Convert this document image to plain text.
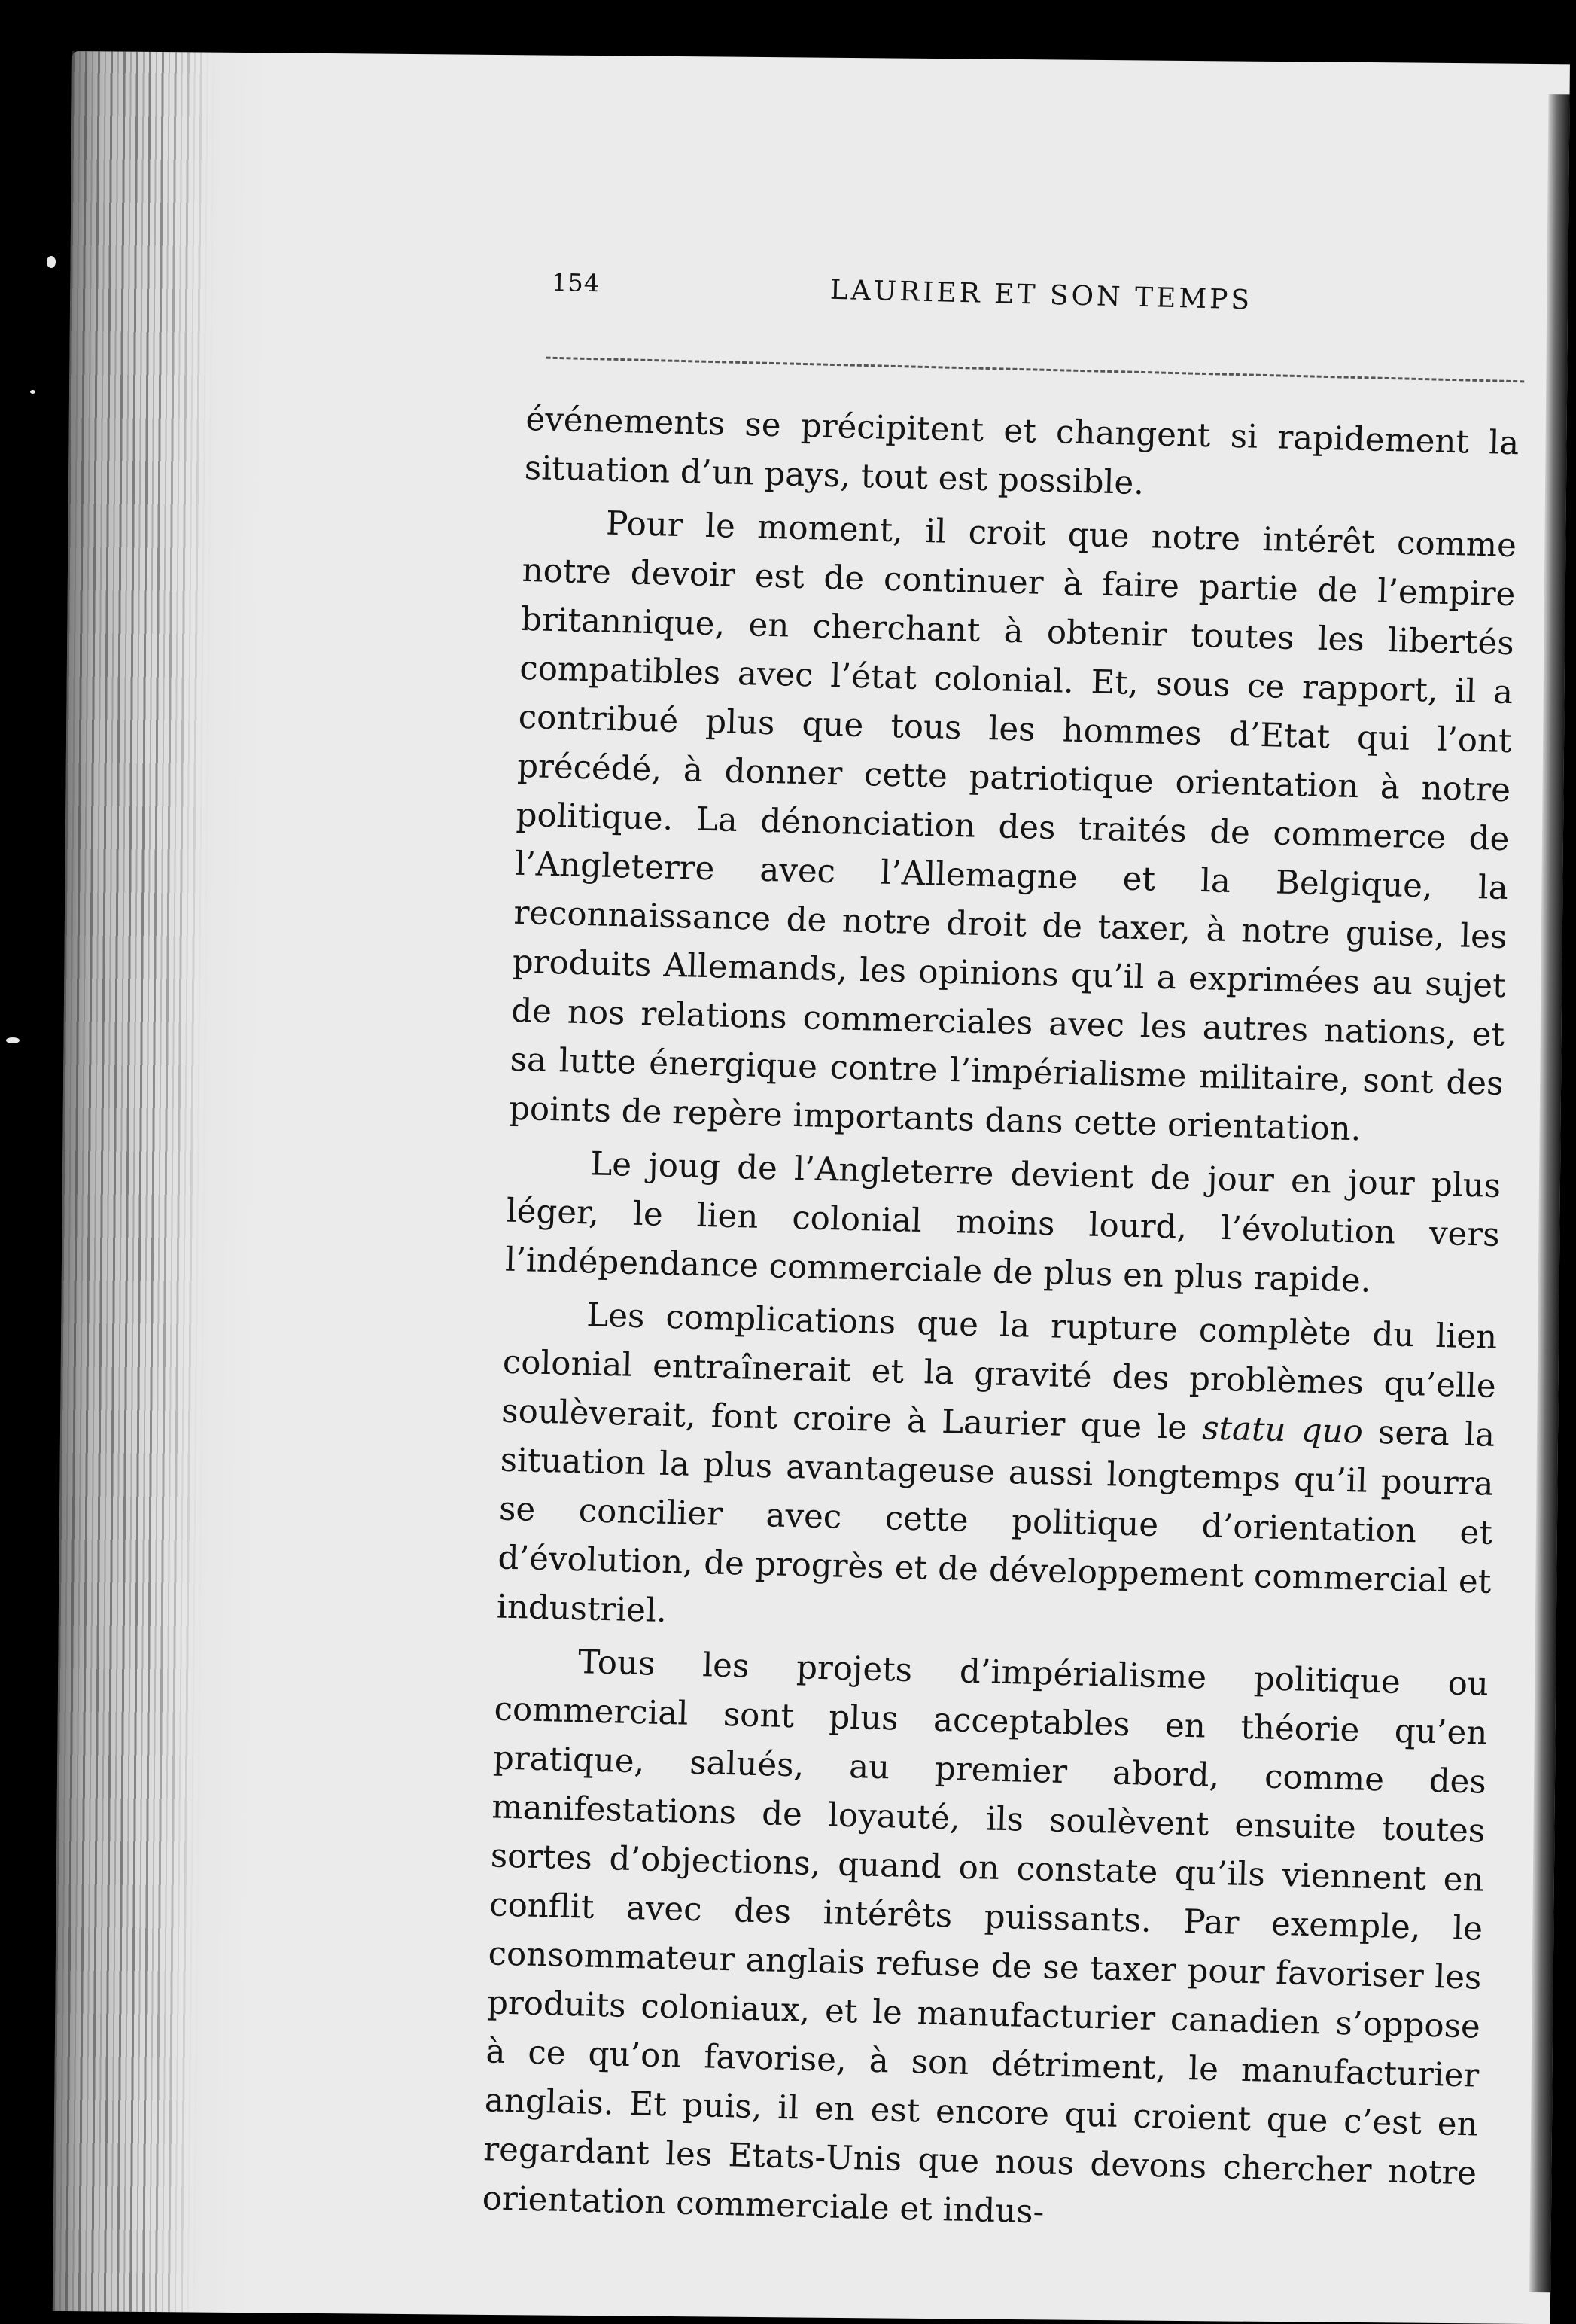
154	LAURIER ET SON TEMPS

événements se précipitent et changent si rapidement la situation d’un pays, tout est possible.

Pour le moment, il croit que notre intérêt comme notre devoir est de continuer à faire partie de l’empire britannique, en cherchant à obtenir toutes les libertés compatibles avec l’état colonial. Et, sous ce rapport, il a contribué plus que tous les hommes d’Etat qui l’ont précédé, à donner cette patriotique orientation à notre politique. La dénonciation des traités de commerce de l’Angleterre avec l’Allemagne et la Belgique, la reconnaissance de notre droit de taxer, à notre guise, les produits Allemands, les opinions qu’il a exprimées au sujet de nos relations commerciales avec les autres nations, et sa lutte énergique contre l’impérialisme militaire, sont des points de repère importants dans cette orientation.

Le joug de l’Angleterre devient de jour en jour plus léger, le lien colonial moins lourd, l’évolution vers l’indépendance commerciale de plus en plus rapide.

Les complications que la rupture complète du lien colonial entraînerait et la gravité des problèmes qu’elle soulèverait, font croire à Laurier que le statu quo sera la situation la plus avantageuse aussi longtemps qu’il pourra se concilier avec cette politique d’orientation et d’évolution, de progrès et de développement commercial et industriel.

Tous les projets d’impérialisme politique ou commercial sont plus acceptables en théorie qu’en pratique, salués, au premier abord, comme des manifestations de loyauté, ils soulèvent ensuite toutes sortes d’objections, quand on constate qu’ils viennent en conflit avec des intérêts puissants. Par exemple, le consommateur anglais refuse de se taxer pour favoriser les produits coloniaux, et le manufacturier canadien s’oppose à ce qu’on favorise, à son détriment, le manufacturier anglais. Et puis, il en est encore qui croient que c’est en regardant les Etats-Unis que nous devons chercher notre orientation commerciale et indus-
